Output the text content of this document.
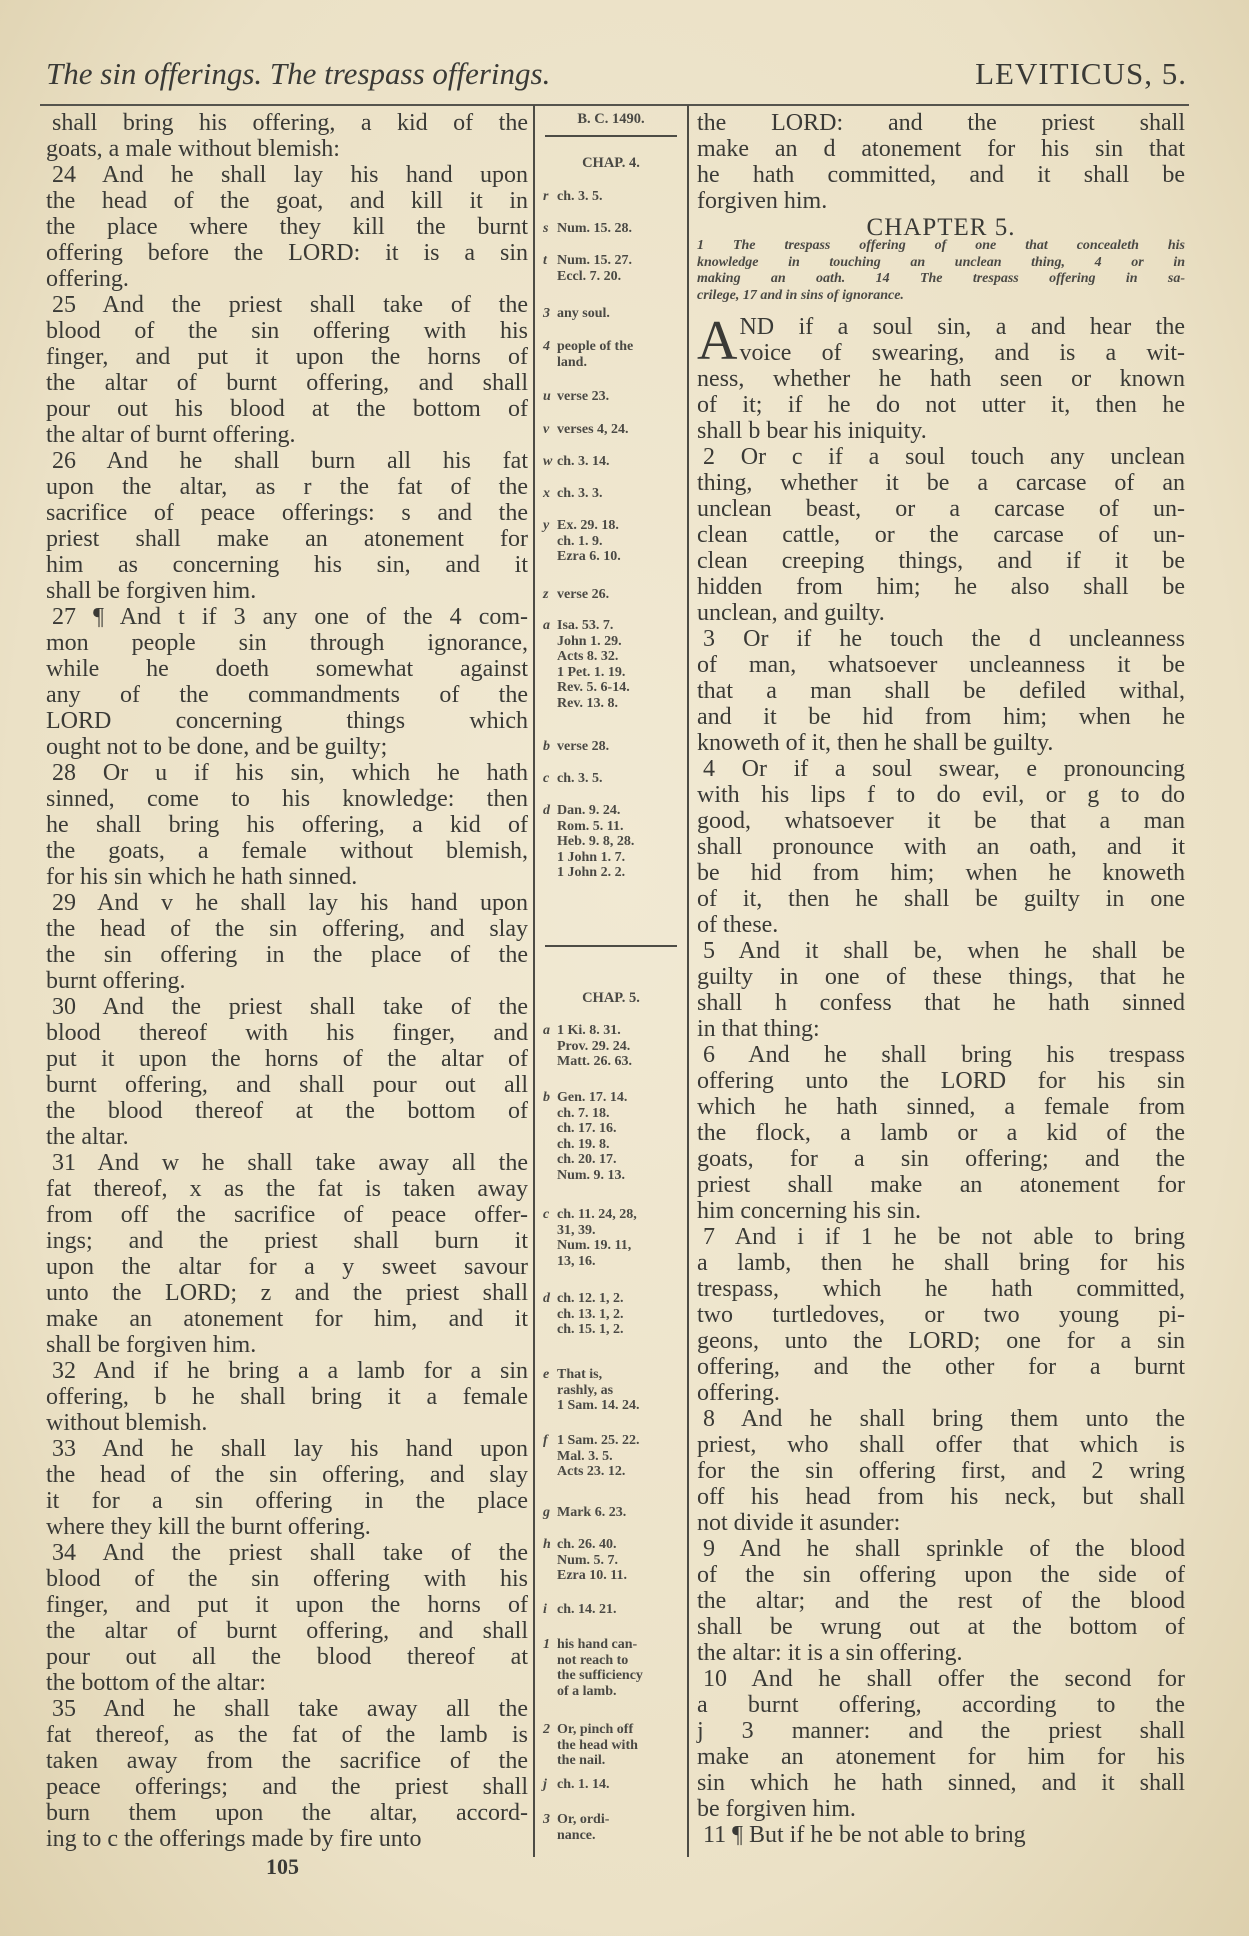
The sin offerings. The trespass offerings.	LEVITICUS, 5.
shall bring his offering, a kid of the
goats, a male without blemish:
24 And he shall lay his hand upon
the head of the goat, and kill it in
the place where they kill the burnt
offering before the LORD: it is a sin
offering.
25 And the priest shall take of the
blood of the sin offering with his
finger, and put it upon the horns of
the altar of burnt offering, and shall
pour out his blood at the bottom of
the altar of burnt offering.
26 And he shall burn all his fat
upon the altar, as r the fat of the
sacrifice of peace offerings: s and the
priest shall make an atonement for
him as concerning his sin, and it
shall be forgiven him.
27 ¶ And t if 3 any one of the 4 com-
mon people sin through ignorance,
while he doeth somewhat against
any of the commandments of the
LORD concerning things which
ought not to be done, and be guilty;
28 Or u if his sin, which he hath
sinned, come to his knowledge: then
he shall bring his offering, a kid of
the goats, a female without blemish,
for his sin which he hath sinned.
29 And v he shall lay his hand upon
the head of the sin offering, and slay
the sin offering in the place of the
burnt offering.
30 And the priest shall take of the
blood thereof with his finger, and
put it upon the horns of the altar of
burnt offering, and shall pour out all
the blood thereof at the bottom of
the altar.
31 And w he shall take away all the
fat thereof, x as the fat is taken away
from off the sacrifice of peace offer-
ings; and the priest shall burn it
upon the altar for a y sweet savour
unto the LORD; z and the priest shall
make an atonement for him, and it
shall be forgiven him.
32 And if he bring a a lamb for a sin
offering, b he shall bring it a female
without blemish.
33 And he shall lay his hand upon
the head of the sin offering, and slay
it for a sin offering in the place
where they kill the burnt offering.
34 And the priest shall take of the
blood of the sin offering with his
finger, and put it upon the horns of
the altar of burnt offering, and shall
pour out all the blood thereof at
the bottom of the altar:
35 And he shall take away all the
fat thereof, as the fat of the lamb is
taken away from the sacrifice of the
peace offerings; and the priest shall
burn them upon the altar, accord-
ing to c the offerings made by fire unto
B. C. 1490.
CHAP. 4.
r ch. 3. 5.
s Num. 15. 28.
t Num. 15. 27.
Eccl. 7. 20.
3 any soul.
4 people of the
land.
u verse 23.
v verses 4, 24.
w ch. 3. 14.
x ch. 3. 3.
y Ex. 29. 18.
ch. 1. 9.
Ezra 6. 10.
z verse 26.
a Isa. 53. 7.
John 1. 29.
Acts 8. 32.
1 Pet. 1. 19.
Rev. 5. 6-14.
Rev. 13. 8.
b verse 28.
c ch. 3. 5.
d Dan. 9. 24.
Rom. 5. 11.
Heb. 9. 8, 28.
1 John 1. 7.
1 John 2. 2.
CHAP. 5.
a 1 Ki. 8. 31.
Prov. 29. 24.
Matt. 26. 63.
b Gen. 17. 14.
ch. 7. 18.
ch. 17. 16.
ch. 19. 8.
ch. 20. 17.
Num. 9. 13.
c ch. 11. 24, 28,
31, 39.
Num. 19. 11,
13, 16.
d ch. 12. 1, 2.
ch. 13. 1, 2.
ch. 15. 1, 2.
e That is,
rashly, as
1 Sam. 14. 24.
f 1 Sam. 25. 22.
Mal. 3. 5.
Acts 23. 12.
g Mark 6. 23.
h ch. 26. 40.
Num. 5. 7.
Ezra 10. 11.
i ch. 14. 21.
1 his hand can-
not reach to
the sufficiency
of a lamb.
2 Or, pinch off
the head with
the nail.
j ch. 1. 14.
3 Or, ordi-
nance.
the LORD: and the priest shall
make an d atonement for his sin that
he hath committed, and it shall be
forgiven him.
CHAPTER 5.
1 The trespass offering of one that concealeth his
knowledge in touching an unclean thing, 4 or in
making an oath. 14 The trespass offering in sa-
crilege, 17 and in sins of ignorance.
A ND if a soul sin, a and hear the
voice of swearing, and is a wit-
ness, whether he hath seen or known
of it; if he do not utter it, then he
shall b bear his iniquity.
2 Or c if a soul touch any unclean
thing, whether it be a carcase of an
unclean beast, or a carcase of un-
clean cattle, or the carcase of un-
clean creeping things, and if it be
hidden from him; he also shall be
unclean, and guilty.
3 Or if he touch the d uncleanness
of man, whatsoever uncleanness it be
that a man shall be defiled withal,
and it be hid from him; when he
knoweth of it, then he shall be guilty.
4 Or if a soul swear, e pronouncing
with his lips f to do evil, or g to do
good, whatsoever it be that a man
shall pronounce with an oath, and it
be hid from him; when he knoweth
of it, then he shall be guilty in one
of these.
5 And it shall be, when he shall be
guilty in one of these things, that he
shall h confess that he hath sinned
in that thing:
6 And he shall bring his trespass
offering unto the LORD for his sin
which he hath sinned, a female from
the flock, a lamb or a kid of the
goats, for a sin offering; and the
priest shall make an atonement for
him concerning his sin.
7 And i if 1 he be not able to bring
a lamb, then he shall bring for his
trespass, which he hath committed,
two turtledoves, or two young pi-
geons, unto the LORD; one for a sin
offering, and the other for a burnt
offering.
8 And he shall bring them unto the
priest, who shall offer that which is
for the sin offering first, and 2 wring
off his head from his neck, but shall
not divide it asunder:
9 And he shall sprinkle of the blood
of the sin offering upon the side of
the altar; and the rest of the blood
shall be wrung out at the bottom of
the altar: it is a sin offering.
10 And he shall offer the second for
a burnt offering, according to the
j 3 manner: and the priest shall
make an atonement for him for his
sin which he hath sinned, and it shall
be forgiven him.
11 ¶ But if he be not able to bring
105
